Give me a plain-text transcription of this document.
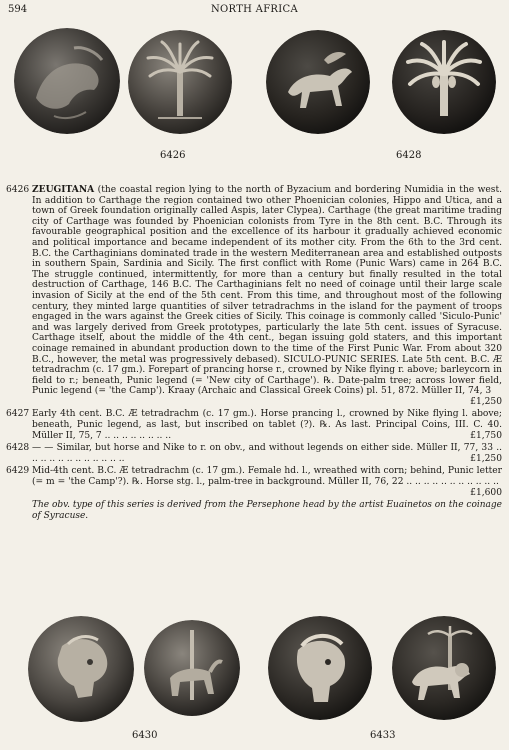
594	NORTH AFRICA
6426	6428
6426 ZEUGITANA (the coastal region lying to the north of Byzacium and bordering Numidia in the west. In addition to Carthage the region contained two other Phoenician colonies, Hippo and Utica, and a town of Greek foundation originally called Aspis, later Clypea). Carthage (the great maritime trading city of Carthage was founded by Phoenician colonists from Tyre in the 8th cent. B.C. Through its favourable geographical position and the excellence of its harbour it gradually achieved economic and political importance and became independent of its mother city. From the 6th to the 3rd cent. B.C. the Carthaginians dominated trade in the western Mediterranean area and established outposts in southern Spain, Sardinia and Sicily. The first conflict with Rome (Punic Wars) came in 264 B.C. The struggle continued, intermittently, for more than a century but finally resulted in the total destruction of Carthage, 146 B.C. The Carthaginians felt no need of coinage until their large scale invasion of Sicily at the end of the 5th cent. From this time, and throughout most of the following century, they minted large quantities of silver tetradrachms in the island for the payment of troops engaged in the wars against the Greek cities of Sicily. This coinage is commonly called 'Siculo-Punic' and was largely derived from Greek prototypes, particularly the late 5th cent. issues of Syracuse. Carthage itself, about the middle of the 4th cent., began issuing gold staters, and this important coinage remained in abundant production down to the time of the First Punic War. From about 320 B.C., however, the metal was progressively debased). SICULO-PUNIC SERIES. Late 5th cent. B.C. Æ tetradrachm (c. 17 gm.). Forepart of prancing horse r., crowned by Nike flying r. above; barleycorn in field to r.; beneath, Punic legend (= 'New city of Carthage'). ℞. Date-palm tree; across lower field, Punic legend (= 'the Camp'). Kraay (Archaic and Classical Greek Coins) pl. 51, 872. Müller II, 74, 3
£1,250
6427 Early 4th cent. B.C. Æ tetradrachm (c. 17 gm.). Horse prancing l., crowned by Nike flying l. above; beneath, Punic legend, as last, but inscribed on tablet (?). ℞. As last. Principal Coins, III. C. 40. Müller II, 75, 7 .. .. .. .. .. .. .. ..	£1,750
6428 — — Similar, but horse and Nike to r. on obv., and without legends on either side. Müller II, 77, 33 .. .. .. .. .. .. .. .. .. .. .. ..	£1,250
6429 Mid-4th cent. B.C. Æ tetradrachm (c. 17 gm.). Female hd. l., wreathed with corn; behind, Punic letter (= m = 'the Camp'?). ℞. Horse stg. l., palm-tree in background. Müller II, 76, 22 .. .. .. .. .. .. .. .. .. .. ..
£1,600
The obv. type of this series is derived from the Persephone head by the artist Euainetos on the coinage of Syracuse.
6430	6433
